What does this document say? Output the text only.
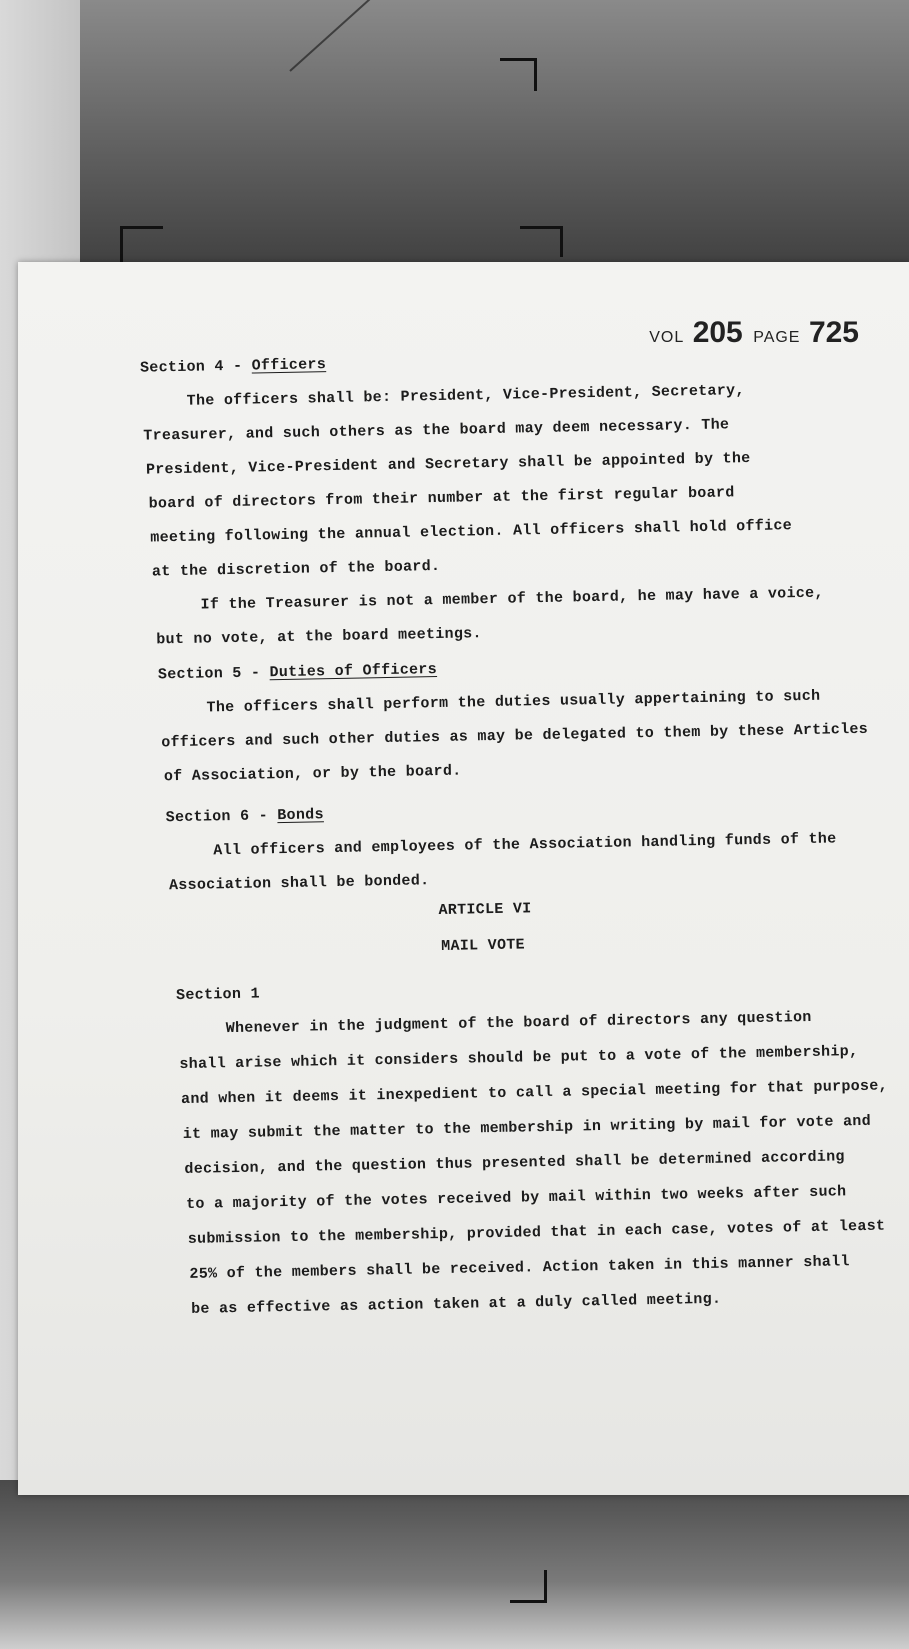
VOL 205 PAGE 725
Section 4 - Officers
The officers shall be: President, Vice-President, Secretary,
Treasurer, and such others as the board may deem necessary. The
President, Vice-President and Secretary shall be appointed by the
board of directors from their number at the first regular board
meeting following the annual election. All officers shall hold office
at the discretion of the board.
If the Treasurer is not a member of the board, he may have a voice,
but no vote, at the board meetings.
Section 5 - Duties of Officers
The officers shall perform the duties usually appertaining to such
officers and such other duties as may be delegated to them by these Articles
of Association, or by the board.
Section 6 - Bonds
All officers and employees of the Association handling funds of the
Association shall be bonded.
ARTICLE VI
MAIL VOTE
Section 1
Whenever in the judgment of the board of directors any question
shall arise which it considers should be put to a vote of the membership,
and when it deems it inexpedient to call a special meeting for that purpose,
it may submit the matter to the membership in writing by mail for vote and
decision, and the question thus presented shall be determined according
to a majority of the votes received by mail within two weeks after such
submission to the membership, provided that in each case, votes of at least
25% of the members shall be received. Action taken in this manner shall
be as effective as action taken at a duly called meeting.
